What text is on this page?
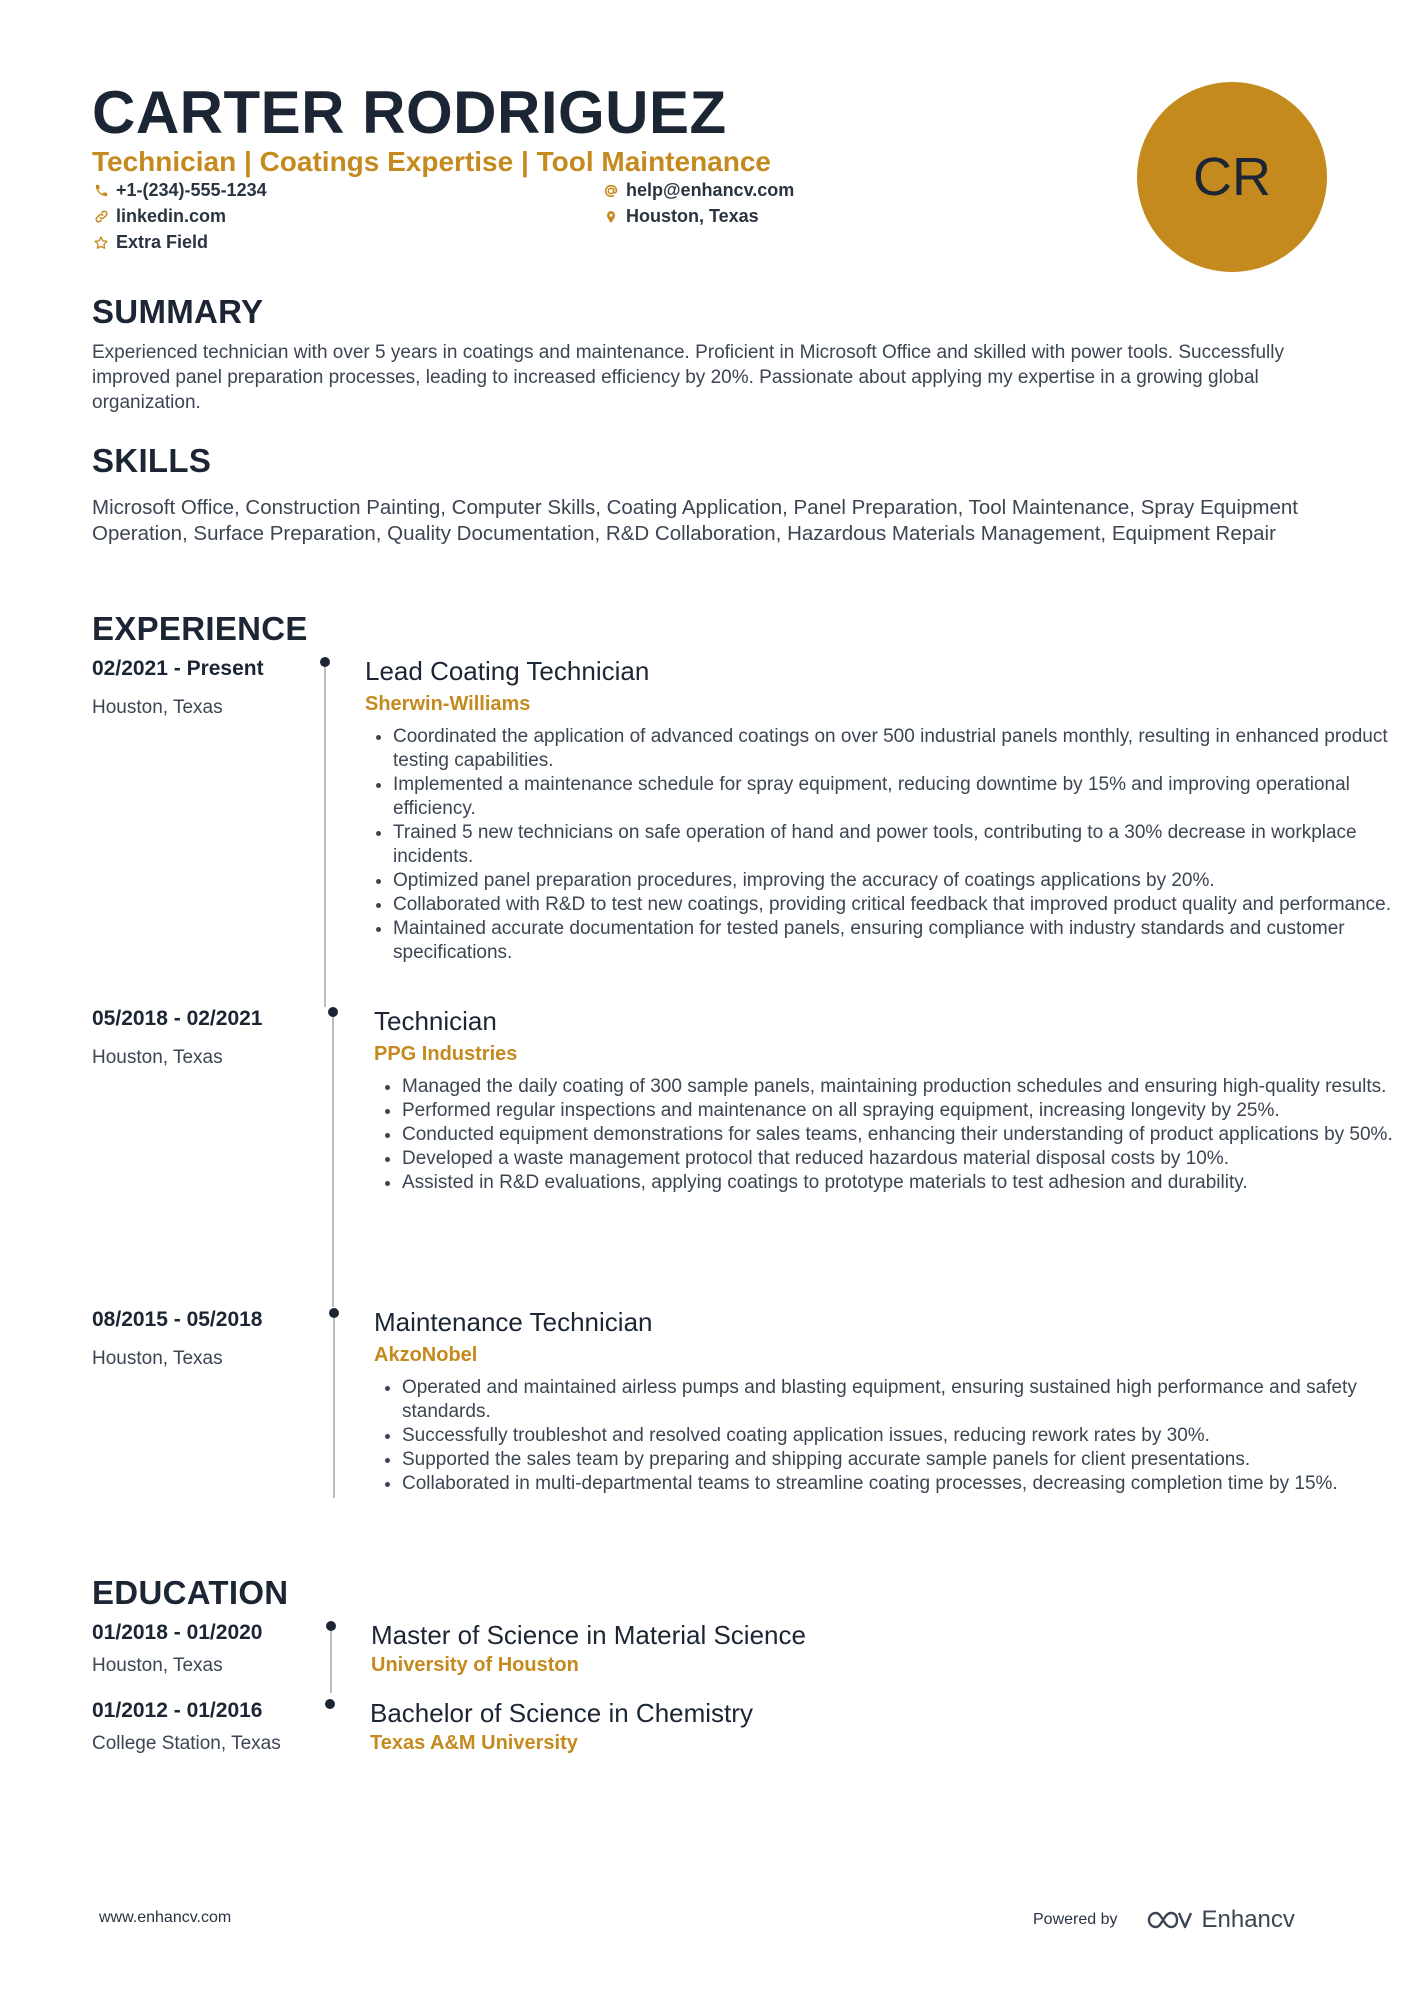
CARTER RODRIGUEZ
Technician | Coatings Expertise | Tool Maintenance
+1-(234)-555-1234	help@enhancv.com
linkedin.com	Houston, Texas
Extra Field
CR
SUMMARY
Experienced technician with over 5 years in coatings and maintenance. Proficient in Microsoft Office and skilled with power tools. Successfully improved panel preparation processes, leading to increased efficiency by 20%. Passionate about applying my expertise in a growing global organization.
SKILLS
Microsoft Office, Construction Painting, Computer Skills, Coating Application, Panel Preparation, Tool Maintenance, Spray Equipment Operation, Surface Preparation, Quality Documentation, R&D Collaboration, Hazardous Materials Management, Equipment Repair
EXPERIENCE
02/2021 - Present
Houston, Texas
Lead Coating Technician
Sherwin-Williams
• Coordinated the application of advanced coatings on over 500 industrial panels monthly, resulting in enhanced product testing capabilities.
• Implemented a maintenance schedule for spray equipment, reducing downtime by 15% and improving operational efficiency.
• Trained 5 new technicians on safe operation of hand and power tools, contributing to a 30% decrease in workplace incidents.
• Optimized panel preparation procedures, improving the accuracy of coatings applications by 20%.
• Collaborated with R&D to test new coatings, providing critical feedback that improved product quality and performance.
• Maintained accurate documentation for tested panels, ensuring compliance with industry standards and customer specifications.
05/2018 - 02/2021
Houston, Texas
Technician
PPG Industries
• Managed the daily coating of 300 sample panels, maintaining production schedules and ensuring high-quality results.
• Performed regular inspections and maintenance on all spraying equipment, increasing longevity by 25%.
• Conducted equipment demonstrations for sales teams, enhancing their understanding of product applications by 50%.
• Developed a waste management protocol that reduced hazardous material disposal costs by 10%.
• Assisted in R&D evaluations, applying coatings to prototype materials to test adhesion and durability.
08/2015 - 05/2018
Houston, Texas
Maintenance Technician
AkzoNobel
• Operated and maintained airless pumps and blasting equipment, ensuring sustained high performance and safety standards.
• Successfully troubleshot and resolved coating application issues, reducing rework rates by 30%.
• Supported the sales team by preparing and shipping accurate sample panels for client presentations.
• Collaborated in multi-departmental teams to streamline coating processes, decreasing completion time by 15%.
EDUCATION
01/2018 - 01/2020
Houston, Texas
Master of Science in Material Science
University of Houston
01/2012 - 01/2016
College Station, Texas
Bachelor of Science in Chemistry
Texas A&M University
www.enhancv.com	Powered by	Enhancv
